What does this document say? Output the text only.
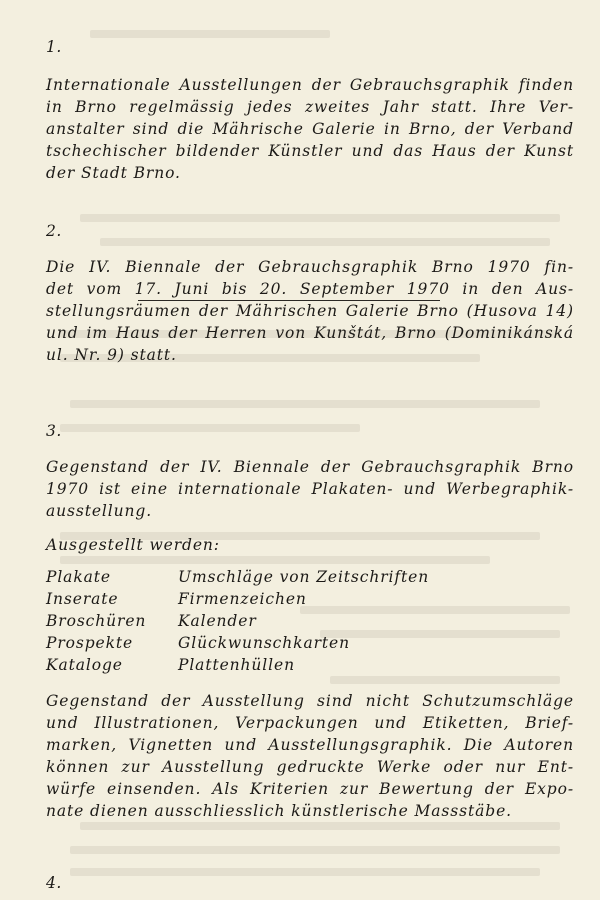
1.
Internationale Ausstellungen der Gebrauchsgraphik finden
in Brno regelmässig jedes zweites Jahr statt. Ihre Ver-
anstalter sind die Mährische Galerie in Brno, der Verband
tschechischer bildender Künstler und das Haus der Kunst
der Stadt Brno.
2.
Die IV. Biennale der Gebrauchsgraphik Brno 1970 fin-
det vom 17. Juni bis 20. September 1970 in den Aus-
stellungsräumen der Mährischen Galerie Brno (Husova 14)
und im Haus der Herren von Kunštát, Brno (Dominikánská
ul. Nr. 9) statt.
3.
Gegenstand der IV. Biennale der Gebrauchsgraphik Brno
1970 ist eine internationale Plakaten- und Werbegraphik-
ausstellung.
Ausgestellt werden:
Plakate	Umschläge von Zeitschriften
Inserate	Firmenzeichen
Broschüren	Kalender
Prospekte	Glückwunschkarten
Kataloge	Plattenhüllen
Gegenstand der Ausstellung sind nicht Schutzumschläge
und Illustrationen, Verpackungen und Etiketten, Brief-
marken, Vignetten und Ausstellungsgraphik. Die Autoren
können zur Ausstellung gedruckte Werke oder nur Ent-
würfe einsenden. Als Kriterien zur Bewertung der Expo-
nate dienen ausschliesslich künstlerische Massstäbe.
4.
